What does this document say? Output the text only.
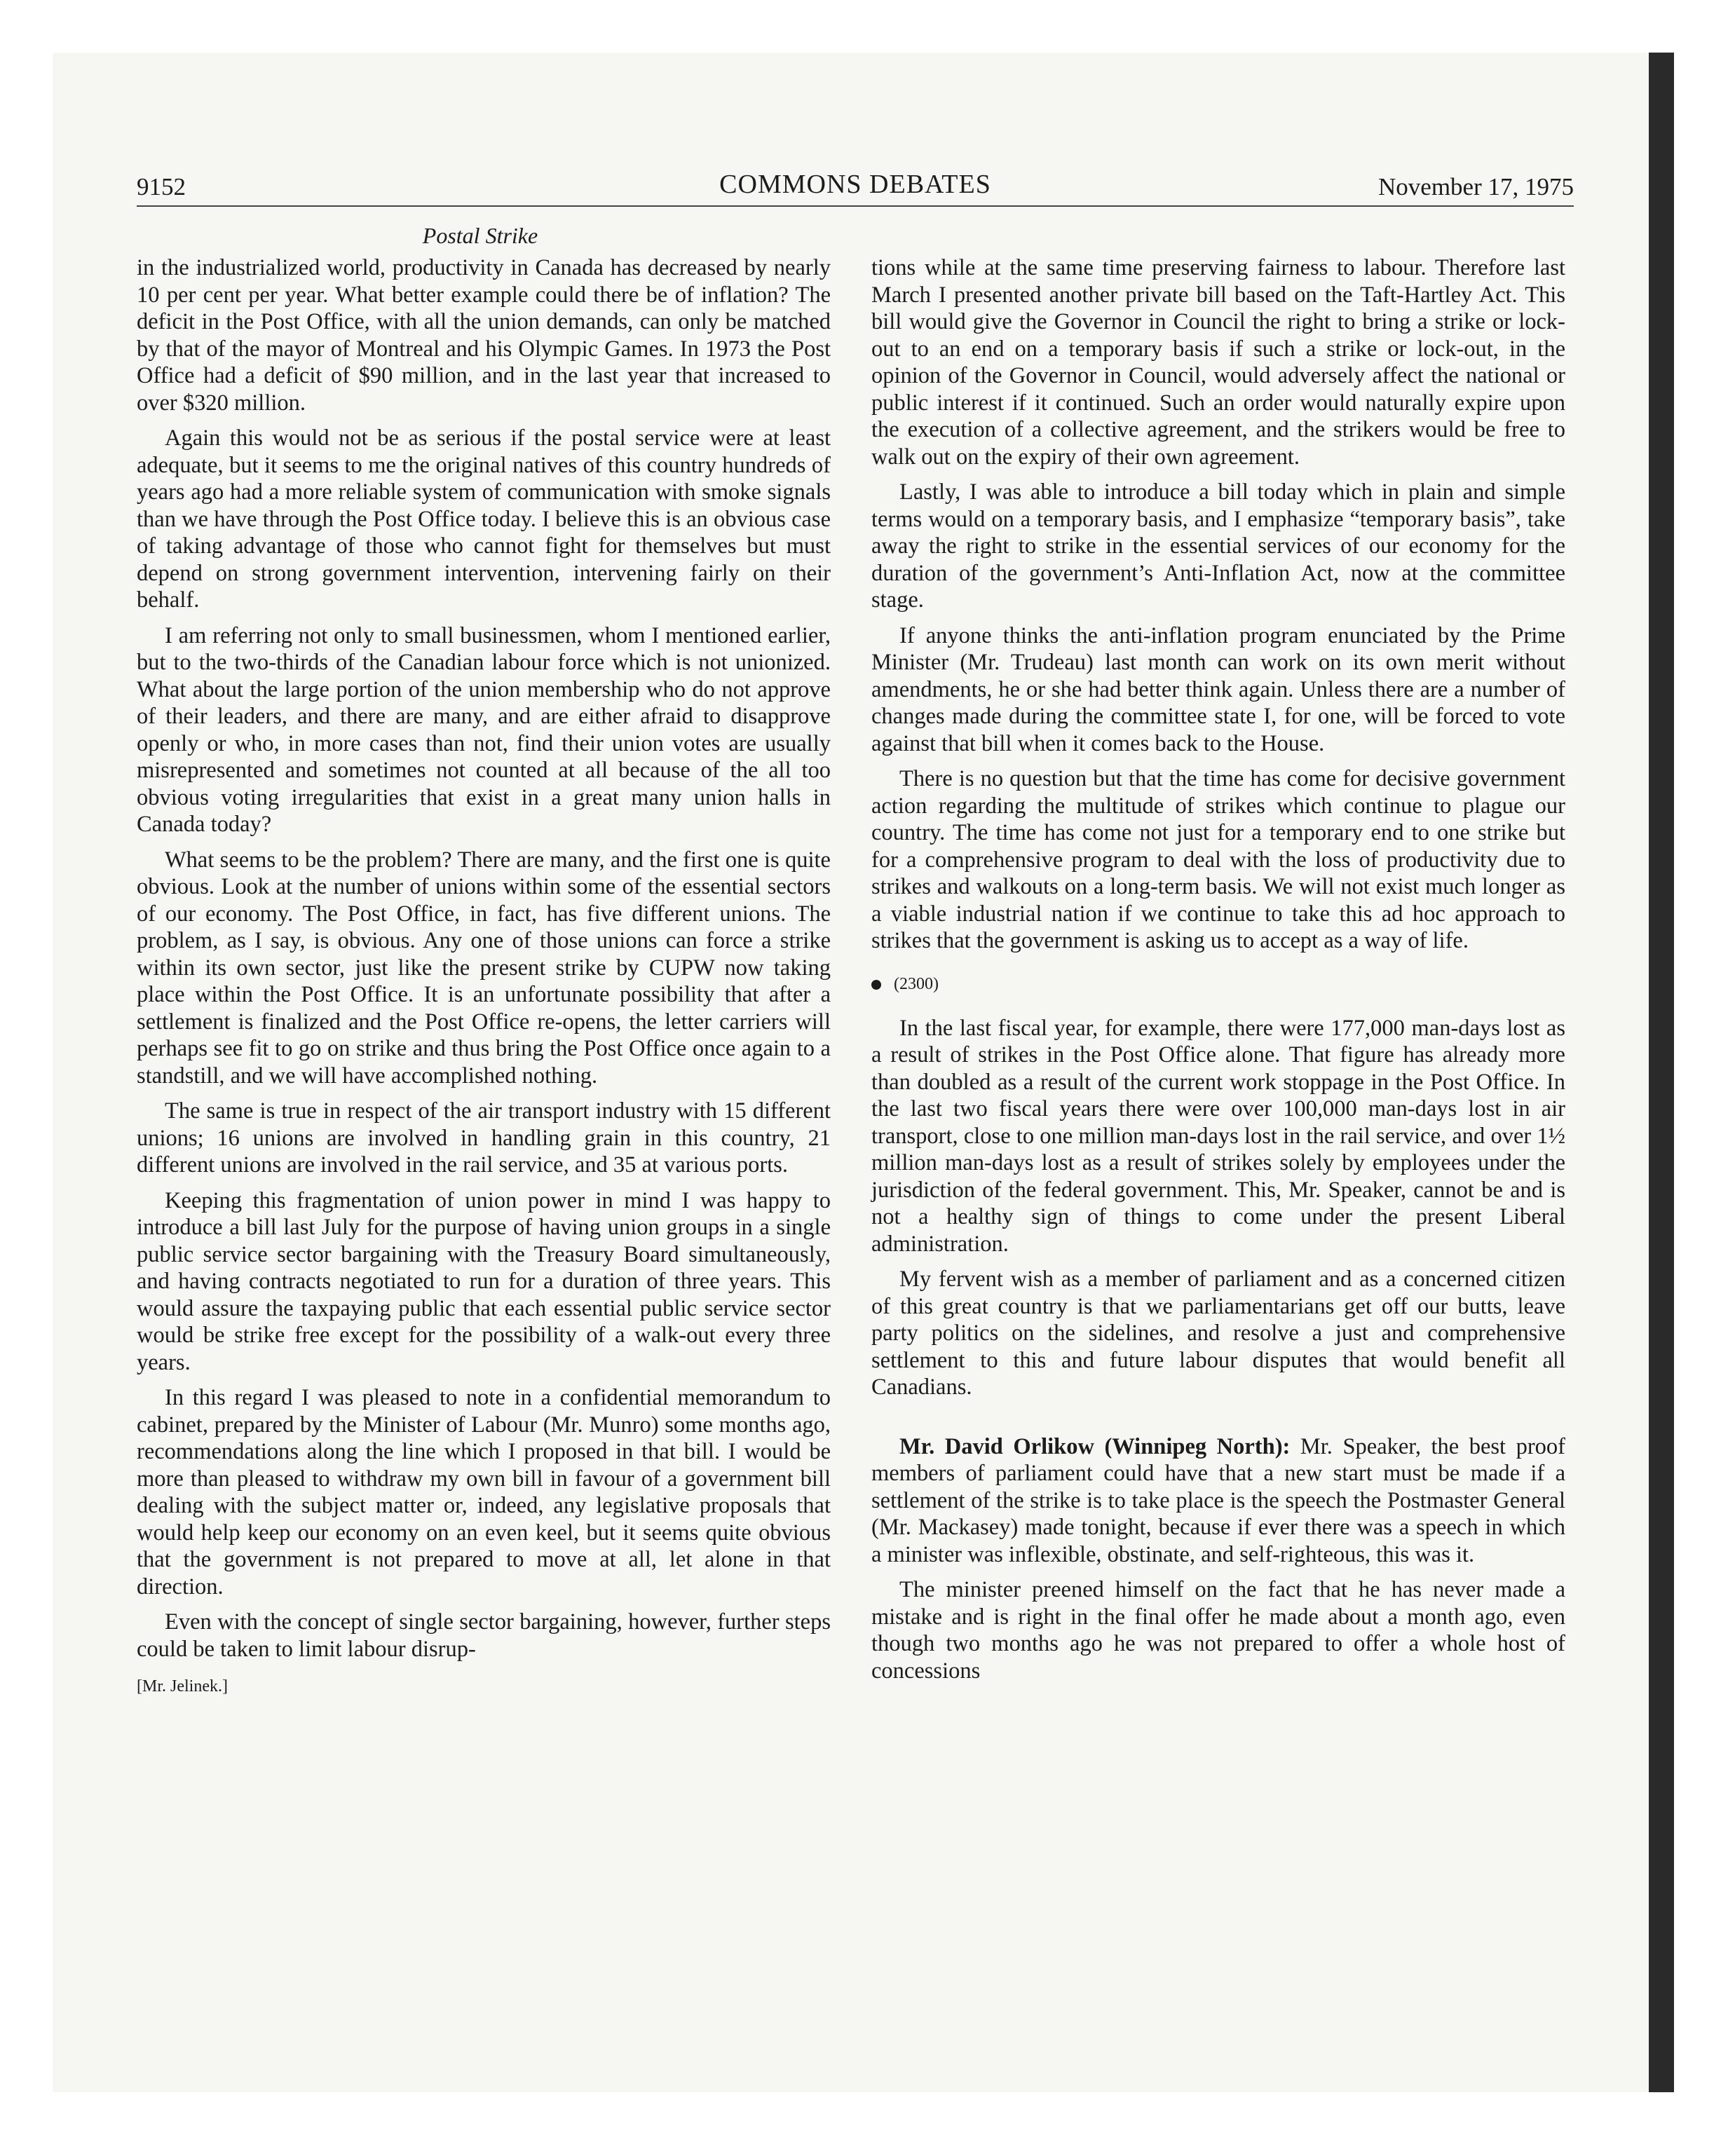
9152	COMMONS DEBATES	November 17, 1975
Postal Strike

in the industrialized world, productivity in Canada has decreased by nearly 10 per cent per year. What better example could there be of inflation? The deficit in the Post Office, with all the union demands, can only be matched by that of the mayor of Montreal and his Olympic Games. In 1973 the Post Office had a deficit of $90 million, and in the last year that increased to over $320 million.

Again this would not be as serious if the postal service were at least adequate, but it seems to me the original natives of this country hundreds of years ago had a more reliable system of communication with smoke signals than we have through the Post Office today. I believe this is an obvious case of taking advantage of those who cannot fight for themselves but must depend on strong government intervention, intervening fairly on their behalf.

I am referring not only to small businessmen, whom I mentioned earlier, but to the two-thirds of the Canadian labour force which is not unionized. What about the large portion of the union membership who do not approve of their leaders, and there are many, and are either afraid to disapprove openly or who, in more cases than not, find their union votes are usually misrepresented and sometimes not counted at all because of the all too obvious voting irregularities that exist in a great many union halls in Canada today?

What seems to be the problem? There are many, and the first one is quite obvious. Look at the number of unions within some of the essential sectors of our economy. The Post Office, in fact, has five different unions. The problem, as I say, is obvious. Any one of those unions can force a strike within its own sector, just like the present strike by CUPW now taking place within the Post Office. It is an unfortunate possibility that after a settlement is finalized and the Post Office re-opens, the letter carriers will perhaps see fit to go on strike and thus bring the Post Office once again to a standstill, and we will have accomplished nothing.

The same is true in respect of the air transport industry with 15 different unions; 16 unions are involved in handling grain in this country, 21 different unions are involved in the rail service, and 35 at various ports.

Keeping this fragmentation of union power in mind I was happy to introduce a bill last July for the purpose of having union groups in a single public service sector bargaining with the Treasury Board simultaneously, and having contracts negotiated to run for a duration of three years. This would assure the taxpaying public that each essential public service sector would be strike free except for the possibility of a walk-out every three years.

In this regard I was pleased to note in a confidential memorandum to cabinet, prepared by the Minister of Labour (Mr. Munro) some months ago, recommendations along the line which I proposed in that bill. I would be more than pleased to withdraw my own bill in favour of a government bill dealing with the subject matter or, indeed, any legislative proposals that would help keep our economy on an even keel, but it seems quite obvious that the government is not prepared to move at all, let alone in that direction.

Even with the concept of single sector bargaining, however, further steps could be taken to limit labour disrup-

[Mr. Jelinek.]

tions while at the same time preserving fairness to labour. Therefore last March I presented another private bill based on the Taft-Hartley Act. This bill would give the Governor in Council the right to bring a strike or lock-out to an end on a temporary basis if such a strike or lock-out, in the opinion of the Governor in Council, would adversely affect the national or public interest if it continued. Such an order would naturally expire upon the execution of a collective agreement, and the strikers would be free to walk out on the expiry of their own agreement.

Lastly, I was able to introduce a bill today which in plain and simple terms would on a temporary basis, and I emphasize “temporary basis”, take away the right to strike in the essential services of our economy for the duration of the government’s Anti-Inflation Act, now at the committee stage.

If anyone thinks the anti-inflation program enunciated by the Prime Minister (Mr. Trudeau) last month can work on its own merit without amendments, he or she had better think again. Unless there are a number of changes made during the committee state I, for one, will be forced to vote against that bill when it comes back to the House.

There is no question but that the time has come for decisive government action regarding the multitude of strikes which continue to plague our country. The time has come not just for a temporary end to one strike but for a comprehensive program to deal with the loss of productivity due to strikes and walkouts on a long-term basis. We will not exist much longer as a viable industrial nation if we continue to take this ad hoc approach to strikes that the government is asking us to accept as a way of life.

(2300)

In the last fiscal year, for example, there were 177,000 man-days lost as a result of strikes in the Post Office alone. That figure has already more than doubled as a result of the current work stoppage in the Post Office. In the last two fiscal years there were over 100,000 man-days lost in air transport, close to one million man-days lost in the rail service, and over 1½ million man-days lost as a result of strikes solely by employees under the jurisdiction of the federal government. This, Mr. Speaker, cannot be and is not a healthy sign of things to come under the present Liberal administration.

My fervent wish as a member of parliament and as a concerned citizen of this great country is that we parliamentarians get off our butts, leave party politics on the sidelines, and resolve a just and comprehensive settlement to this and future labour disputes that would benefit all Canadians.

Mr. David Orlikow (Winnipeg North): Mr. Speaker, the best proof members of parliament could have that a new start must be made if a settlement of the strike is to take place is the speech the Postmaster General (Mr. Mackasey) made tonight, because if ever there was a speech in which a minister was inflexible, obstinate, and self-righteous, this was it.

The minister preened himself on the fact that he has never made a mistake and is right in the final offer he made about a month ago, even though two months ago he was not prepared to offer a whole host of concessions
